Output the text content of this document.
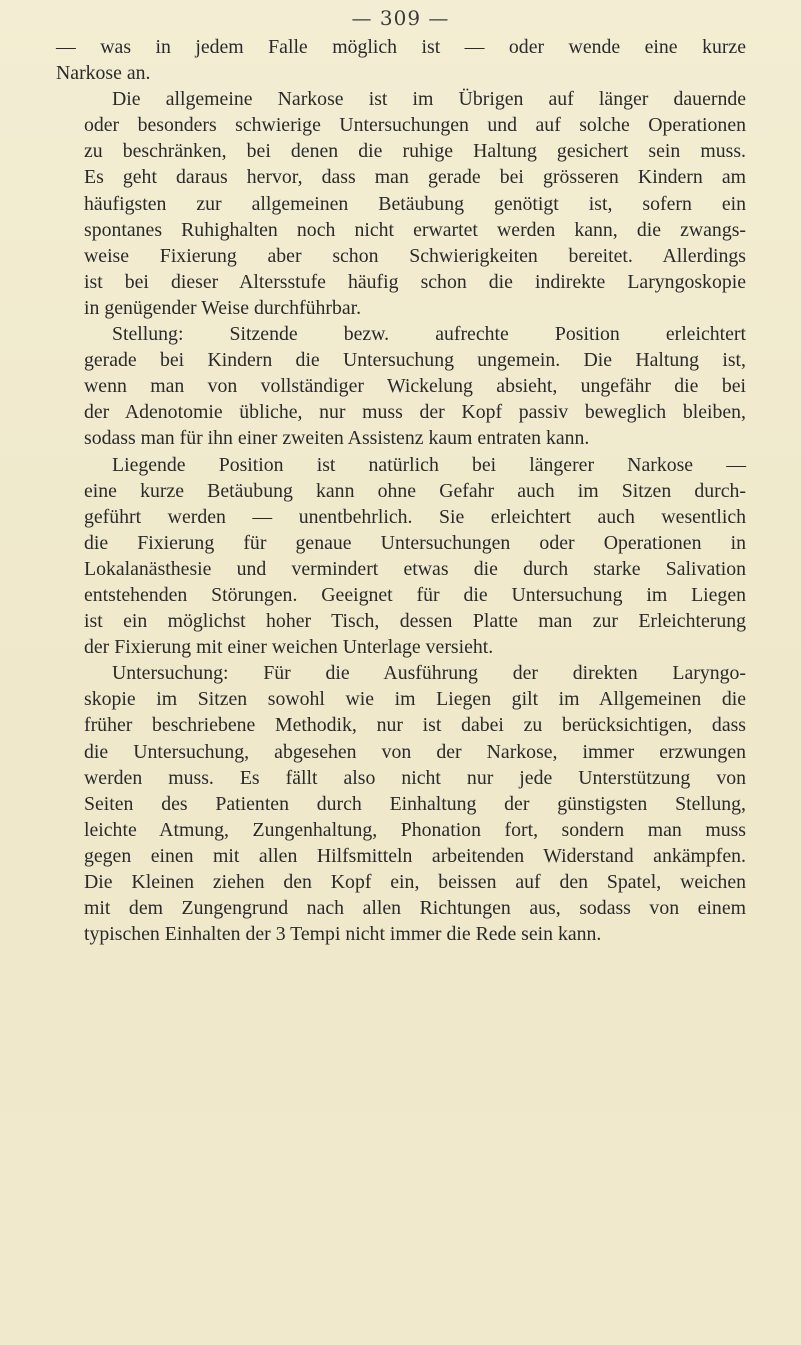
— 309 —
— was in jedem Falle möglich ist — oder wende eine kurze
Narkose an.
Die allgemeine Narkose ist im Übrigen auf länger dauernde
oder besonders schwierige Untersuchungen und auf solche Operationen
zu beschränken, bei denen die ruhige Haltung gesichert sein muss.
Es geht daraus hervor, dass man gerade bei grösseren Kindern am
häufigsten zur allgemeinen Betäubung genötigt ist, sofern ein
spontanes Ruhighalten noch nicht erwartet werden kann, die zwangs-
weise Fixierung aber schon Schwierigkeiten bereitet. Allerdings
ist bei dieser Altersstufe häufig schon die indirekte Laryngoskopie
in genügender Weise durchführbar.
Stellung: Sitzende bezw. aufrechte Position erleichtert
gerade bei Kindern die Untersuchung ungemein. Die Haltung ist,
wenn man von vollständiger Wickelung absieht, ungefähr die bei
der Adenotomie übliche, nur muss der Kopf passiv beweglich bleiben,
sodass man für ihn einer zweiten Assistenz kaum entraten kann.
Liegende Position ist natürlich bei längerer Narkose —
eine kurze Betäubung kann ohne Gefahr auch im Sitzen durch-
geführt werden — unentbehrlich. Sie erleichtert auch wesentlich
die Fixierung für genaue Untersuchungen oder Operationen in
Lokalanästhesie und vermindert etwas die durch starke Salivation
entstehenden Störungen. Geeignet für die Untersuchung im Liegen
ist ein möglichst hoher Tisch, dessen Platte man zur Erleichterung
der Fixierung mit einer weichen Unterlage versieht.
Untersuchung: Für die Ausführung der direkten Laryngo-
skopie im Sitzen sowohl wie im Liegen gilt im Allgemeinen die
früher beschriebene Methodik, nur ist dabei zu berücksichtigen, dass
die Untersuchung, abgesehen von der Narkose, immer erzwungen
werden muss. Es fällt also nicht nur jede Unterstützung von
Seiten des Patienten durch Einhaltung der günstigsten Stellung,
leichte Atmung, Zungenhaltung, Phonation fort, sondern man muss
gegen einen mit allen Hilfsmitteln arbeitenden Widerstand ankämpfen.
Die Kleinen ziehen den Kopf ein, beissen auf den Spatel, weichen
mit dem Zungengrund nach allen Richtungen aus, sodass von einem
typischen Einhalten der 3 Tempi nicht immer die Rede sein kann.
